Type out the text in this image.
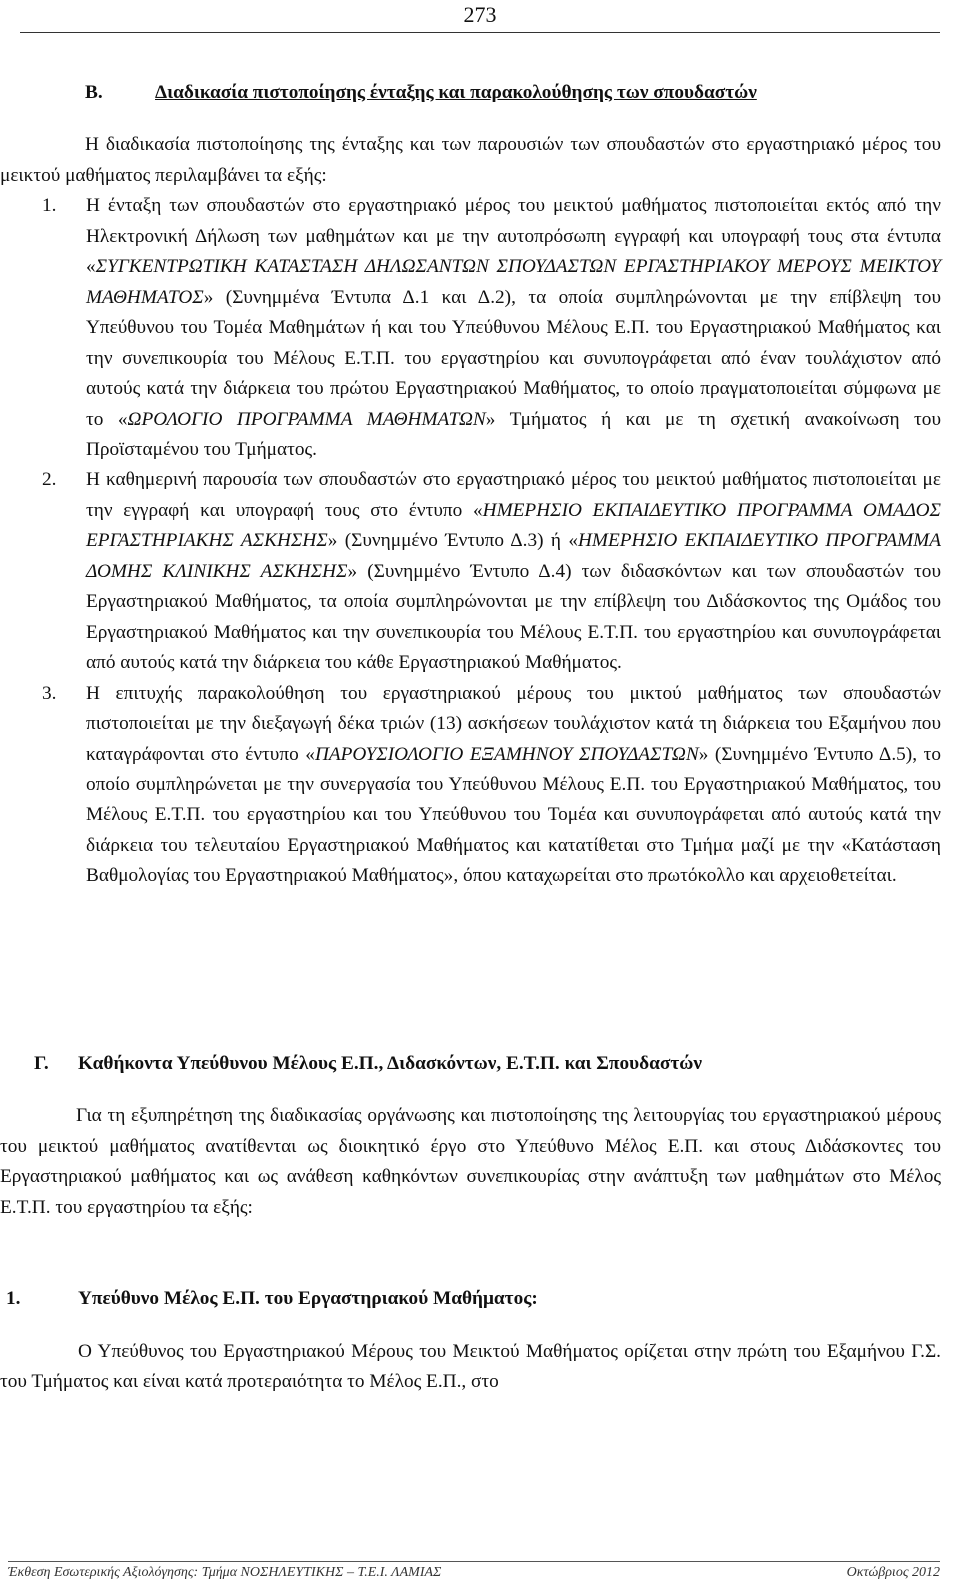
273

Β.	Διαδικασία πιστοποίησης ένταξης και παρακολούθησης των σπουδαστών

Η διαδικασία πιστοποίησης της ένταξης και των παρουσιών των σπουδαστών στο εργαστηριακό μέρος του μεικτού μαθήματος περιλαμβάνει τα εξής:

1.	Η ένταξη των σπουδαστών στο εργαστηριακό μέρος του μεικτού μαθήματος πιστοποιείται εκτός από την Ηλεκτρονική Δήλωση των μαθημάτων και με την αυτοπρόσωπη εγγραφή και υπογραφή τους στα έντυπα «ΣΥΓΚΕΝΤΡΩΤΙΚΗ ΚΑΤΑΣΤΑΣΗ ΔΗΛΩΣΑΝΤΩΝ ΣΠΟΥΔΑΣΤΩΝ ΕΡΓΑΣΤΗΡΙΑΚΟΥ ΜΕΡΟΥΣ ΜΕΙΚΤΟΥ ΜΑΘΗΜΑΤΟΣ» (Συνημμένα Έντυπα Δ.1 και Δ.2), τα οποία συμπληρώνονται με την επίβλεψη του Υπεύθυνου του Τομέα Μαθημάτων ή και του Υπεύθυνου Μέλους Ε.Π. του Εργαστηριακού Μαθήματος και την συνεπικουρία του Μέλους Ε.Τ.Π. του εργαστηρίου και συνυπογράφεται από έναν τουλάχιστον από αυτούς κατά την διάρκεια του πρώτου Εργαστηριακού Μαθήματος, το οποίο πραγματοποιείται σύμφωνα με το «ΩΡΟΛΟΓΙΟ ΠΡΟΓΡΑΜΜΑ ΜΑΘΗΜΑΤΩΝ» Τμήματος ή και με τη σχετική ανακοίνωση του Προϊσταμένου του Τμήματος.
2.	Η καθημερινή παρουσία των σπουδαστών στο εργαστηριακό μέρος του μεικτού μαθήματος πιστοποιείται με την εγγραφή και υπογραφή τους στο έντυπο «ΗΜΕΡΗΣΙΟ ΕΚΠΑΙΔΕΥΤΙΚΟ ΠΡΟΓΡΑΜΜΑ ΟΜΑΔΟΣ ΕΡΓΑΣΤΗΡΙΑΚΗΣ ΑΣΚΗΣΗΣ» (Συνημμένο Έντυπο Δ.3) ή «ΗΜΕΡΗΣΙΟ ΕΚΠΑΙΔΕΥΤΙΚΟ ΠΡΟΓΡΑΜΜΑ ΔΟΜΗΣ ΚΛΙΝΙΚΗΣ ΑΣΚΗΣΗΣ» (Συνημμένο Έντυπο Δ.4) των διδασκόντων και των σπουδαστών του Εργαστηριακού Μαθήματος, τα οποία συμπληρώνονται με την επίβλεψη του Διδάσκοντος της Ομάδος του Εργαστηριακού Μαθήματος και την συνεπικουρία του Μέλους Ε.Τ.Π. του εργαστηρίου και συνυπογράφεται από αυτούς κατά την διάρκεια του κάθε Εργαστηριακού Μαθήματος.
3.	Η επιτυχής παρακολούθηση του εργαστηριακού μέρους του μικτού μαθήματος των σπουδαστών πιστοποιείται με την διεξαγωγή δέκα τριών (13) ασκήσεων τουλάχιστον κατά τη διάρκεια του Εξαμήνου που καταγράφονται στο έντυπο «ΠΑΡΟΥΣΙΟΛΟΓΙΟ ΕΞΑΜΗΝΟΥ ΣΠΟΥΔΑΣΤΩΝ» (Συνημμένο Έντυπο Δ.5), το οποίο συμπληρώνεται με την συνεργασία του Υπεύθυνου Μέλους Ε.Π. του Εργαστηριακού Μαθήματος, του Μέλους Ε.Τ.Π. του εργαστηρίου και του Υπεύθυνου του Τομέα και συνυπογράφεται από αυτούς κατά την διάρκεια του τελευταίου Εργαστηριακού Μαθήματος και κατατίθεται στο Τμήμα μαζί με την «Κατάσταση Βαθμολογίας του Εργαστηριακού Μαθήματος», όπου καταχωρείται στο πρωτόκολλο και αρχειοθετείται.

Γ.	Καθήκοντα Υπεύθυνου Μέλους Ε.Π., Διδασκόντων, Ε.Τ.Π. και Σπουδαστών

Για τη εξυπηρέτηση της διαδικασίας οργάνωσης και πιστοποίησης της λειτουργίας του εργαστηριακού μέρους του μεικτού μαθήματος ανατίθενται ως διοικητικό έργο στο Υπεύθυνο Μέλος Ε.Π. και στους Διδάσκοντες του Εργαστηριακού μαθήματος και ως ανάθεση καθηκόντων συνεπικουρίας στην ανάπτυξη των μαθημάτων στο Μέλος Ε.Τ.Π. του εργαστηρίου τα εξής:

1.	Υπεύθυνο Μέλος Ε.Π. του Εργαστηριακού Μαθήματος:

Ο Υπεύθυνος του Εργαστηριακού Μέρους του Μεικτού Μαθήματος ορίζεται στην πρώτη του Εξαμήνου Γ.Σ. του Τμήματος και είναι κατά προτεραιότητα το Μέλος Ε.Π., στο

Έκθεση Εσωτερικής Αξιολόγησης: Τμήμα ΝΟΣΗΛΕΥΤΙΚΗΣ – Τ.Ε.Ι. ΛΑΜΙΑΣ	Οκτώβριος 2012
